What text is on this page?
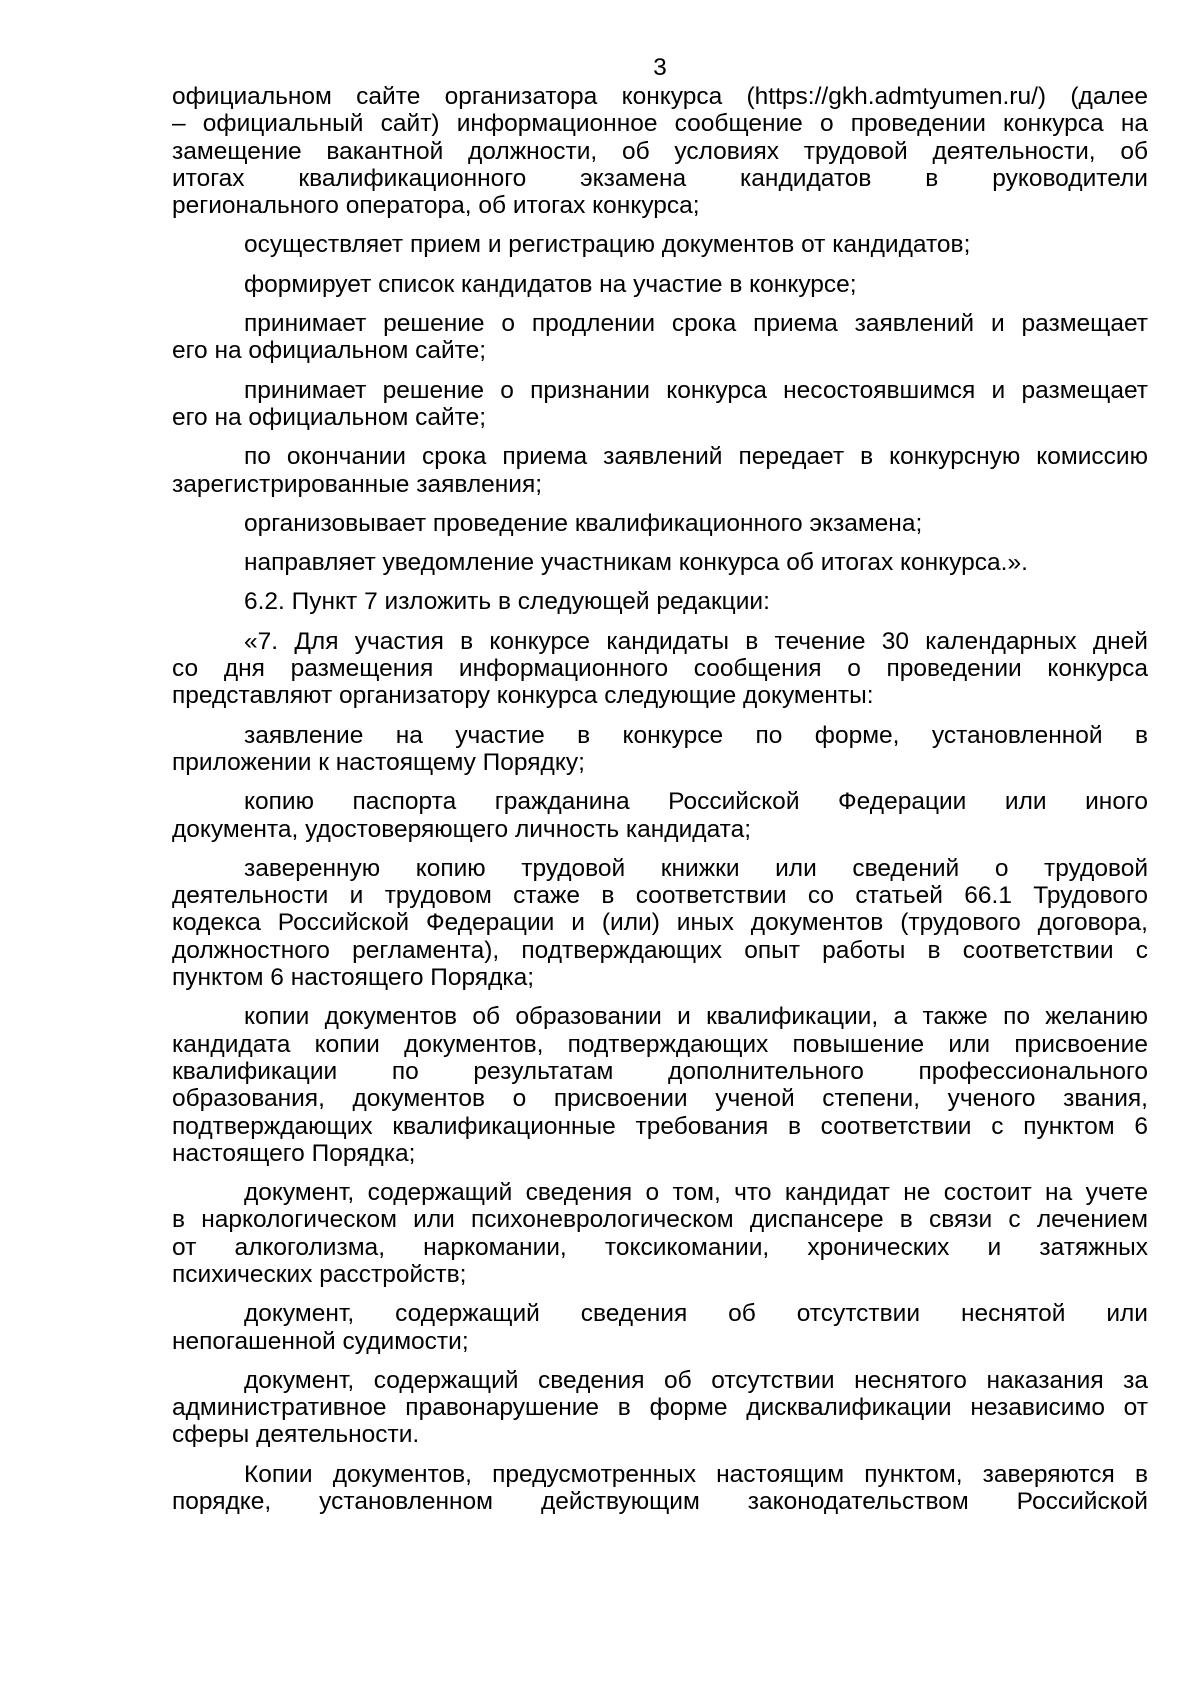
3
официальном сайте организатора конкурса (https://gkh.admtyumen.ru/) (далее
– официальный сайт) информационное сообщение о проведении конкурса на
замещение вакантной должности, об условиях трудовой деятельности, об
итогах квалификационного экзамена кандидатов в руководители
регионального оператора, об итогах конкурса;
осуществляет прием и регистрацию документов от кандидатов;
формирует список кандидатов на участие в конкурсе;
принимает решение о продлении срока приема заявлений и размещает
его на официальном сайте;
принимает решение о признании конкурса несостоявшимся и размещает
его на официальном сайте;
по окончании срока приема заявлений передает в конкурсную комиссию
зарегистрированные заявления;
организовывает проведение квалификационного экзамена;
направляет уведомление участникам конкурса об итогах конкурса.».
6.2. Пункт 7 изложить в следующей редакции:
«7. Для участия в конкурсе кандидаты в течение 30 календарных дней
со дня размещения информационного сообщения о проведении конкурса
представляют организатору конкурса следующие документы:
заявление на участие в конкурсе по форме, установленной в
приложении к настоящему Порядку;
копию паспорта гражданина Российской Федерации или иного
документа, удостоверяющего личность кандидата;
заверенную копию трудовой книжки или сведений о трудовой
деятельности и трудовом стаже в соответствии со статьей 66.1 Трудового
кодекса Российской Федерации и (или) иных документов (трудового договора,
должностного регламента), подтверждающих опыт работы в соответствии с
пунктом 6 настоящего Порядка;
копии документов об образовании и квалификации, а также по желанию
кандидата копии документов, подтверждающих повышение или присвоение
квалификации по результатам дополнительного профессионального
образования, документов о присвоении ученой степени, ученого звания,
подтверждающих квалификационные требования в соответствии с пунктом 6
настоящего Порядка;
документ, содержащий сведения о том, что кандидат не состоит на учете
в наркологическом или психоневрологическом диспансере в связи с лечением
от алкоголизма, наркомании, токсикомании, хронических и затяжных
психических расстройств;
документ, содержащий сведения об отсутствии неснятой или
непогашенной судимости;
документ, содержащий сведения об отсутствии неснятого наказания за
административное правонарушение в форме дисквалификации независимо от
сферы деятельности.
Копии документов, предусмотренных настоящим пунктом, заверяются в
порядке, установленном действующим законодательством Российской
